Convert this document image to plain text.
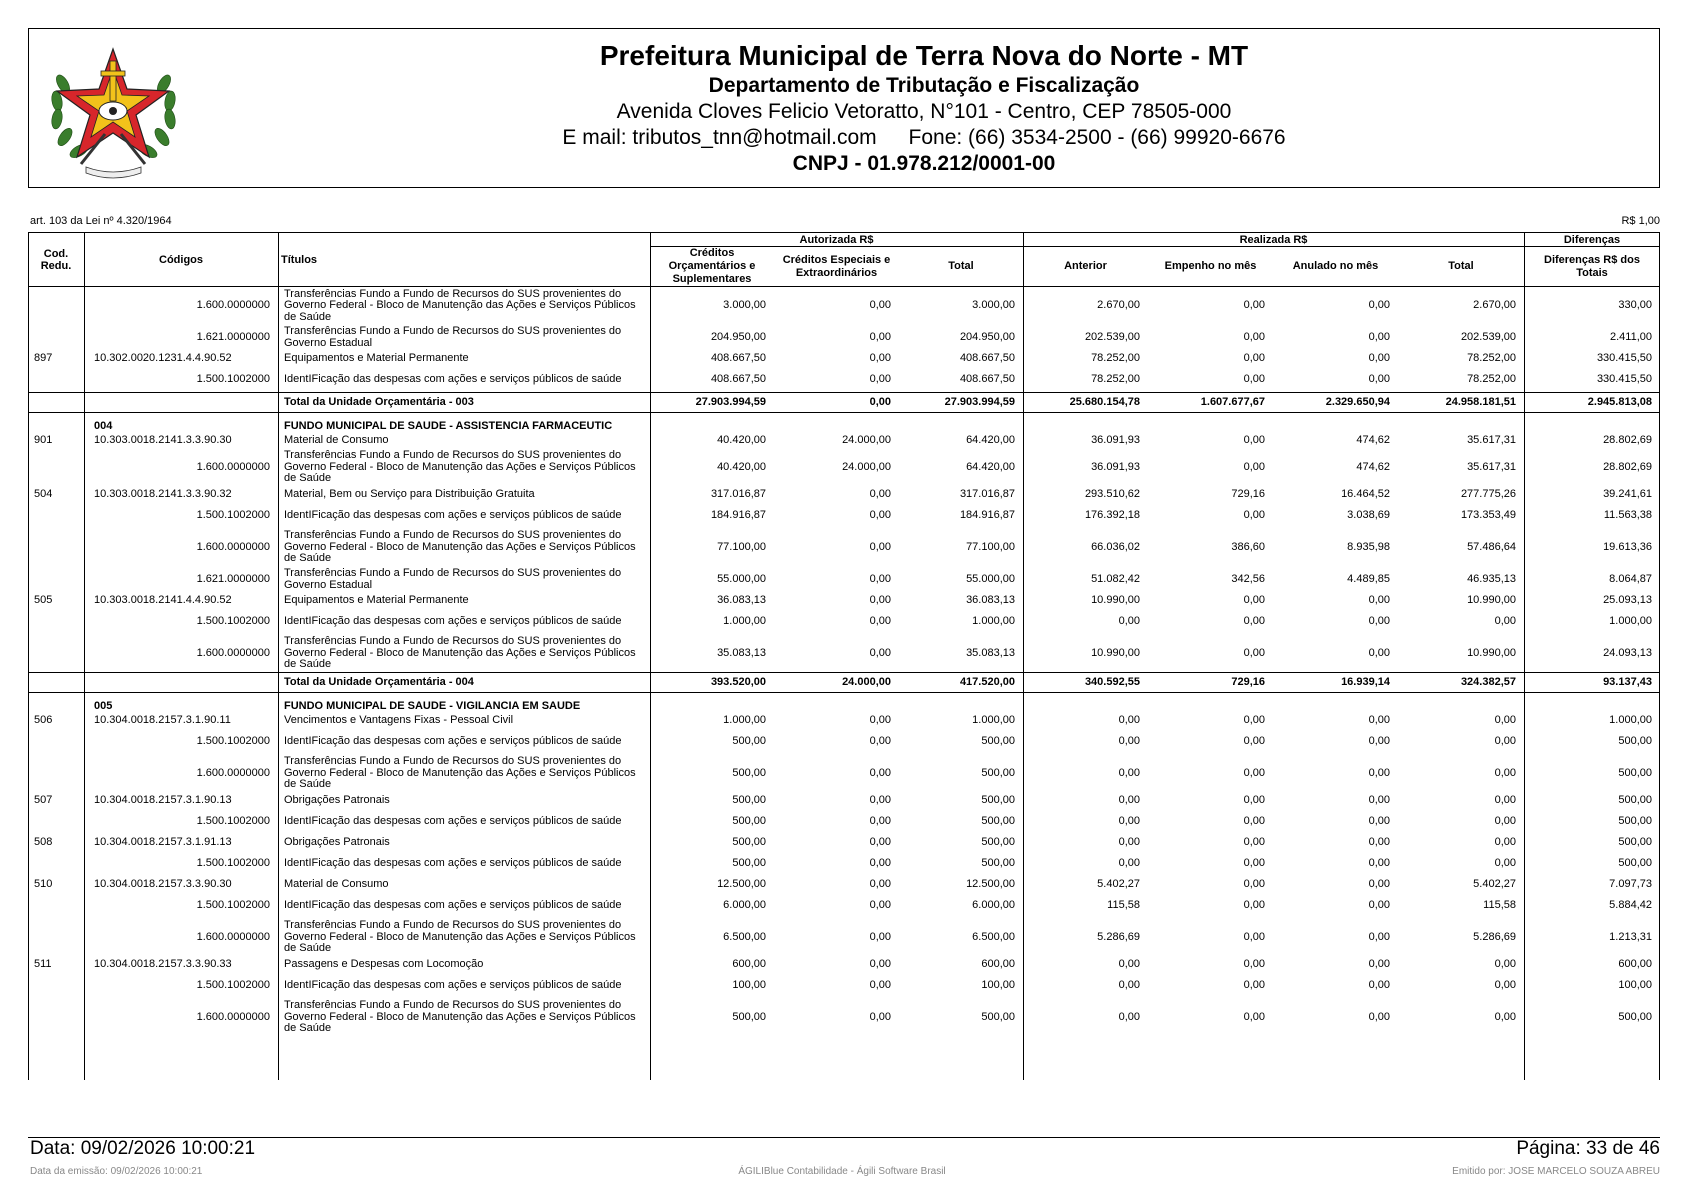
Prefeitura Municipal de Terra Nova do Norte - MT
Departamento de Tributação e Fiscalização
Avenida Cloves Felicio Vetoratto, N°101 - Centro, CEP 78505-000
E mail: tributos_tnn@hotmail.com Fone: (66) 3534-2500 - (66) 99920-6676
CNPJ - 01.978.212/0001-00
art. 103 da Lei nº 4.320/1964	R$ 1,00
Cod. Redu.	Códigos	Títulos	Autorizada R$			Realizada R$				Diferenças
			Créditos Orçamentários e Suplementares	Créditos Especiais e Extraordinários	Total	Anterior	Empenho no mês	Anulado no mês	Total	Diferenças R$ dos Totais
	1.600.0000000	Transferências Fundo a Fundo de Recursos do SUS provenientes do Governo Federal - Bloco de Manutenção das Ações e Serviços Públicos de Saúde	3.000,00	0,00	3.000,00	2.670,00	0,00	0,00	2.670,00	330,00
	1.621.0000000	Transferências Fundo a Fundo de Recursos do SUS provenientes do Governo Estadual	204.950,00	0,00	204.950,00	202.539,00	0,00	0,00	202.539,00	2.411,00
897	10.302.0020.1231.4.4.90.52	Equipamentos e Material Permanente	408.667,50	0,00	408.667,50	78.252,00	0,00	0,00	78.252,00	330.415,50
	1.500.1002000	IdentIFicação das despesas com ações e serviços públicos de saúde	408.667,50	0,00	408.667,50	78.252,00	0,00	0,00	78.252,00	330.415,50
		Total da Unidade Orçamentária - 003	27.903.994,59	0,00	27.903.994,59	25.680.154,78	1.607.677,67	2.329.650,94	24.958.181,51	2.945.813,08
	004	FUNDO MUNICIPAL DE SAUDE - ASSISTENCIA FARMACEUTIC								
901	10.303.0018.2141.3.3.90.30	Material de Consumo	40.420,00	24.000,00	64.420,00	36.091,93	0,00	474,62	35.617,31	28.802,69
	1.600.0000000	Transferências Fundo a Fundo de Recursos do SUS provenientes do Governo Federal - Bloco de Manutenção das Ações e Serviços Públicos de Saúde	40.420,00	24.000,00	64.420,00	36.091,93	0,00	474,62	35.617,31	28.802,69
504	10.303.0018.2141.3.3.90.32	Material, Bem ou Serviço para Distribuição Gratuita	317.016,87	0,00	317.016,87	293.510,62	729,16	16.464,52	277.775,26	39.241,61
	1.500.1002000	IdentIFicação das despesas com ações e serviços públicos de saúde	184.916,87	0,00	184.916,87	176.392,18	0,00	3.038,69	173.353,49	11.563,38
	1.600.0000000	Transferências Fundo a Fundo de Recursos do SUS provenientes do Governo Federal - Bloco de Manutenção das Ações e Serviços Públicos de Saúde	77.100,00	0,00	77.100,00	66.036,02	386,60	8.935,98	57.486,64	19.613,36
	1.621.0000000	Transferências Fundo a Fundo de Recursos do SUS provenientes do Governo Estadual	55.000,00	0,00	55.000,00	51.082,42	342,56	4.489,85	46.935,13	8.064,87
505	10.303.0018.2141.4.4.90.52	Equipamentos e Material Permanente	36.083,13	0,00	36.083,13	10.990,00	0,00	0,00	10.990,00	25.093,13
	1.500.1002000	IdentIFicação das despesas com ações e serviços públicos de saúde	1.000,00	0,00	1.000,00	0,00	0,00	0,00	0,00	1.000,00
	1.600.0000000	Transferências Fundo a Fundo de Recursos do SUS provenientes do Governo Federal - Bloco de Manutenção das Ações e Serviços Públicos de Saúde	35.083,13	0,00	35.083,13	10.990,00	0,00	0,00	10.990,00	24.093,13
		Total da Unidade Orçamentária - 004	393.520,00	24.000,00	417.520,00	340.592,55	729,16	16.939,14	324.382,57	93.137,43
	005	FUNDO MUNICIPAL DE SAUDE - VIGILANCIA EM SAUDE								
506	10.304.0018.2157.3.1.90.11	Vencimentos e Vantagens Fixas - Pessoal Civil	1.000,00	0,00	1.000,00	0,00	0,00	0,00	0,00	1.000,00
	1.500.1002000	IdentIFicação das despesas com ações e serviços públicos de saúde	500,00	0,00	500,00	0,00	0,00	0,00	0,00	500,00
	1.600.0000000	Transferências Fundo a Fundo de Recursos do SUS provenientes do Governo Federal - Bloco de Manutenção das Ações e Serviços Públicos de Saúde	500,00	0,00	500,00	0,00	0,00	0,00	0,00	500,00
507	10.304.0018.2157.3.1.90.13	Obrigações Patronais	500,00	0,00	500,00	0,00	0,00	0,00	0,00	500,00
	1.500.1002000	IdentIFicação das despesas com ações e serviços públicos de saúde	500,00	0,00	500,00	0,00	0,00	0,00	0,00	500,00
508	10.304.0018.2157.3.1.91.13	Obrigações Patronais	500,00	0,00	500,00	0,00	0,00	0,00	0,00	500,00
	1.500.1002000	IdentIFicação das despesas com ações e serviços públicos de saúde	500,00	0,00	500,00	0,00	0,00	0,00	0,00	500,00
510	10.304.0018.2157.3.3.90.30	Material de Consumo	12.500,00	0,00	12.500,00	5.402,27	0,00	0,00	5.402,27	7.097,73
	1.500.1002000	IdentIFicação das despesas com ações e serviços públicos de saúde	6.000,00	0,00	6.000,00	115,58	0,00	0,00	115,58	5.884,42
	1.600.0000000	Transferências Fundo a Fundo de Recursos do SUS provenientes do Governo Federal - Bloco de Manutenção das Ações e Serviços Públicos de Saúde	6.500,00	0,00	6.500,00	5.286,69	0,00	0,00	5.286,69	1.213,31
511	10.304.0018.2157.3.3.90.33	Passagens e Despesas com Locomoção	600,00	0,00	600,00	0,00	0,00	0,00	0,00	600,00
	1.500.1002000	IdentIFicação das despesas com ações e serviços públicos de saúde	100,00	0,00	100,00	0,00	0,00	0,00	0,00	100,00
	1.600.0000000	Transferências Fundo a Fundo de Recursos do SUS provenientes do Governo Federal - Bloco de Manutenção das Ações e Serviços Públicos de Saúde	500,00	0,00	500,00	0,00	0,00	0,00	0,00	500,00
Data: 09/02/2026 10:00:21	Página: 33 de 46
Data da emissão: 09/02/2026 10:00:21	ÁGILIBlue Contabilidade - Ágili Software Brasil	Emitido por: JOSE MARCELO SOUZA ABREU
